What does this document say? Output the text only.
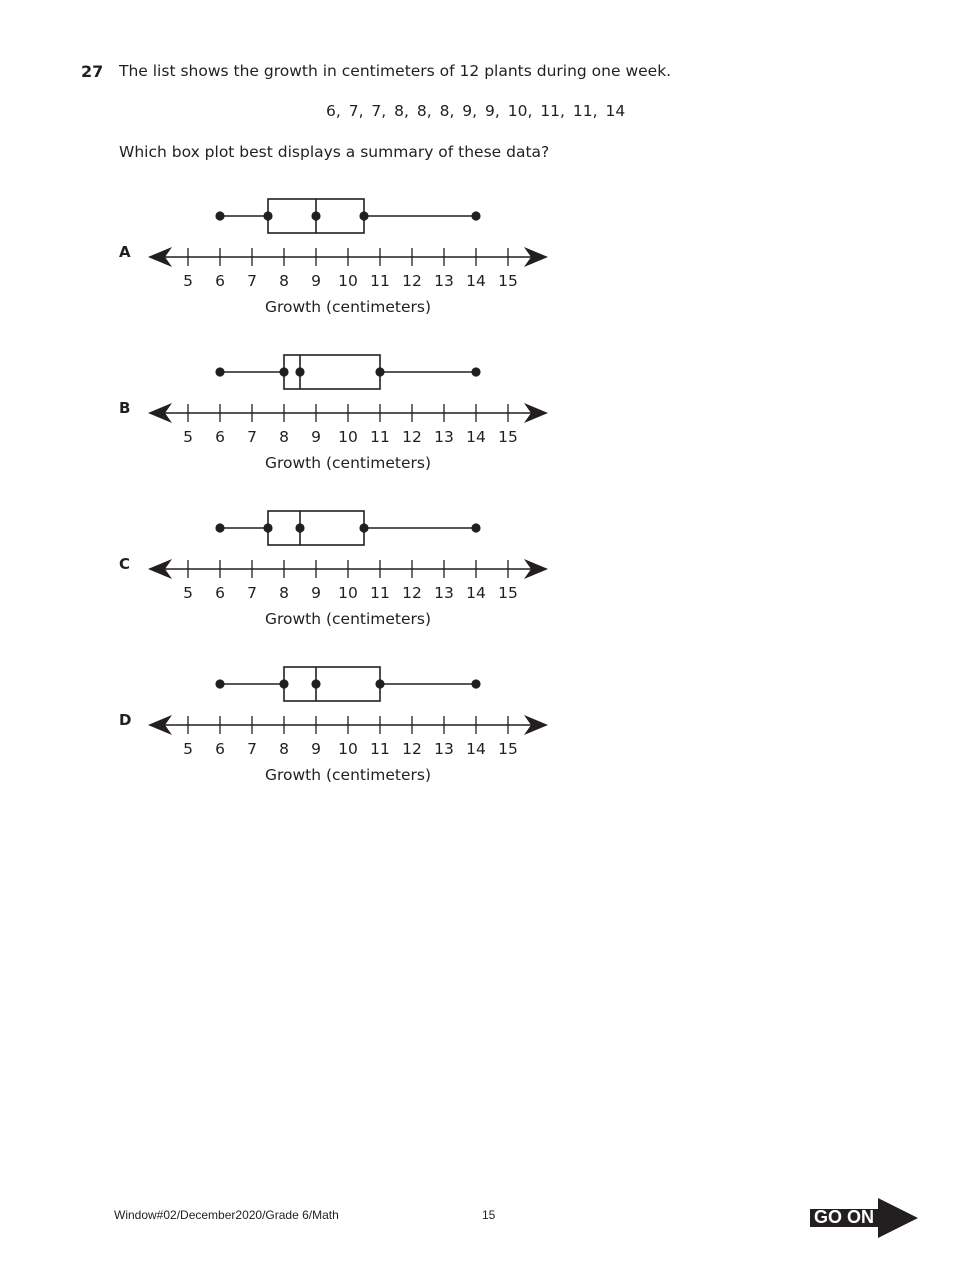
27 The list shows the growth in centimeters of 12 plants during one week.
6, 7, 7, 8, 8, 8, 9, 9, 10, 11, 11, 14
Which box plot best displays a summary of these data?
A
5 6 7 8 9 10 11 12 13 14 15
Growth (centimeters)
B
5 6 7 8 9 10 11 12 13 14 15
Growth (centimeters)
C
5 6 7 8 9 10 11 12 13 14 15
Growth (centimeters)
D
5 6 7 8 9 10 11 12 13 14 15
Growth (centimeters)
Window#02/December2020/Grade 6/Math	15	GO ON
